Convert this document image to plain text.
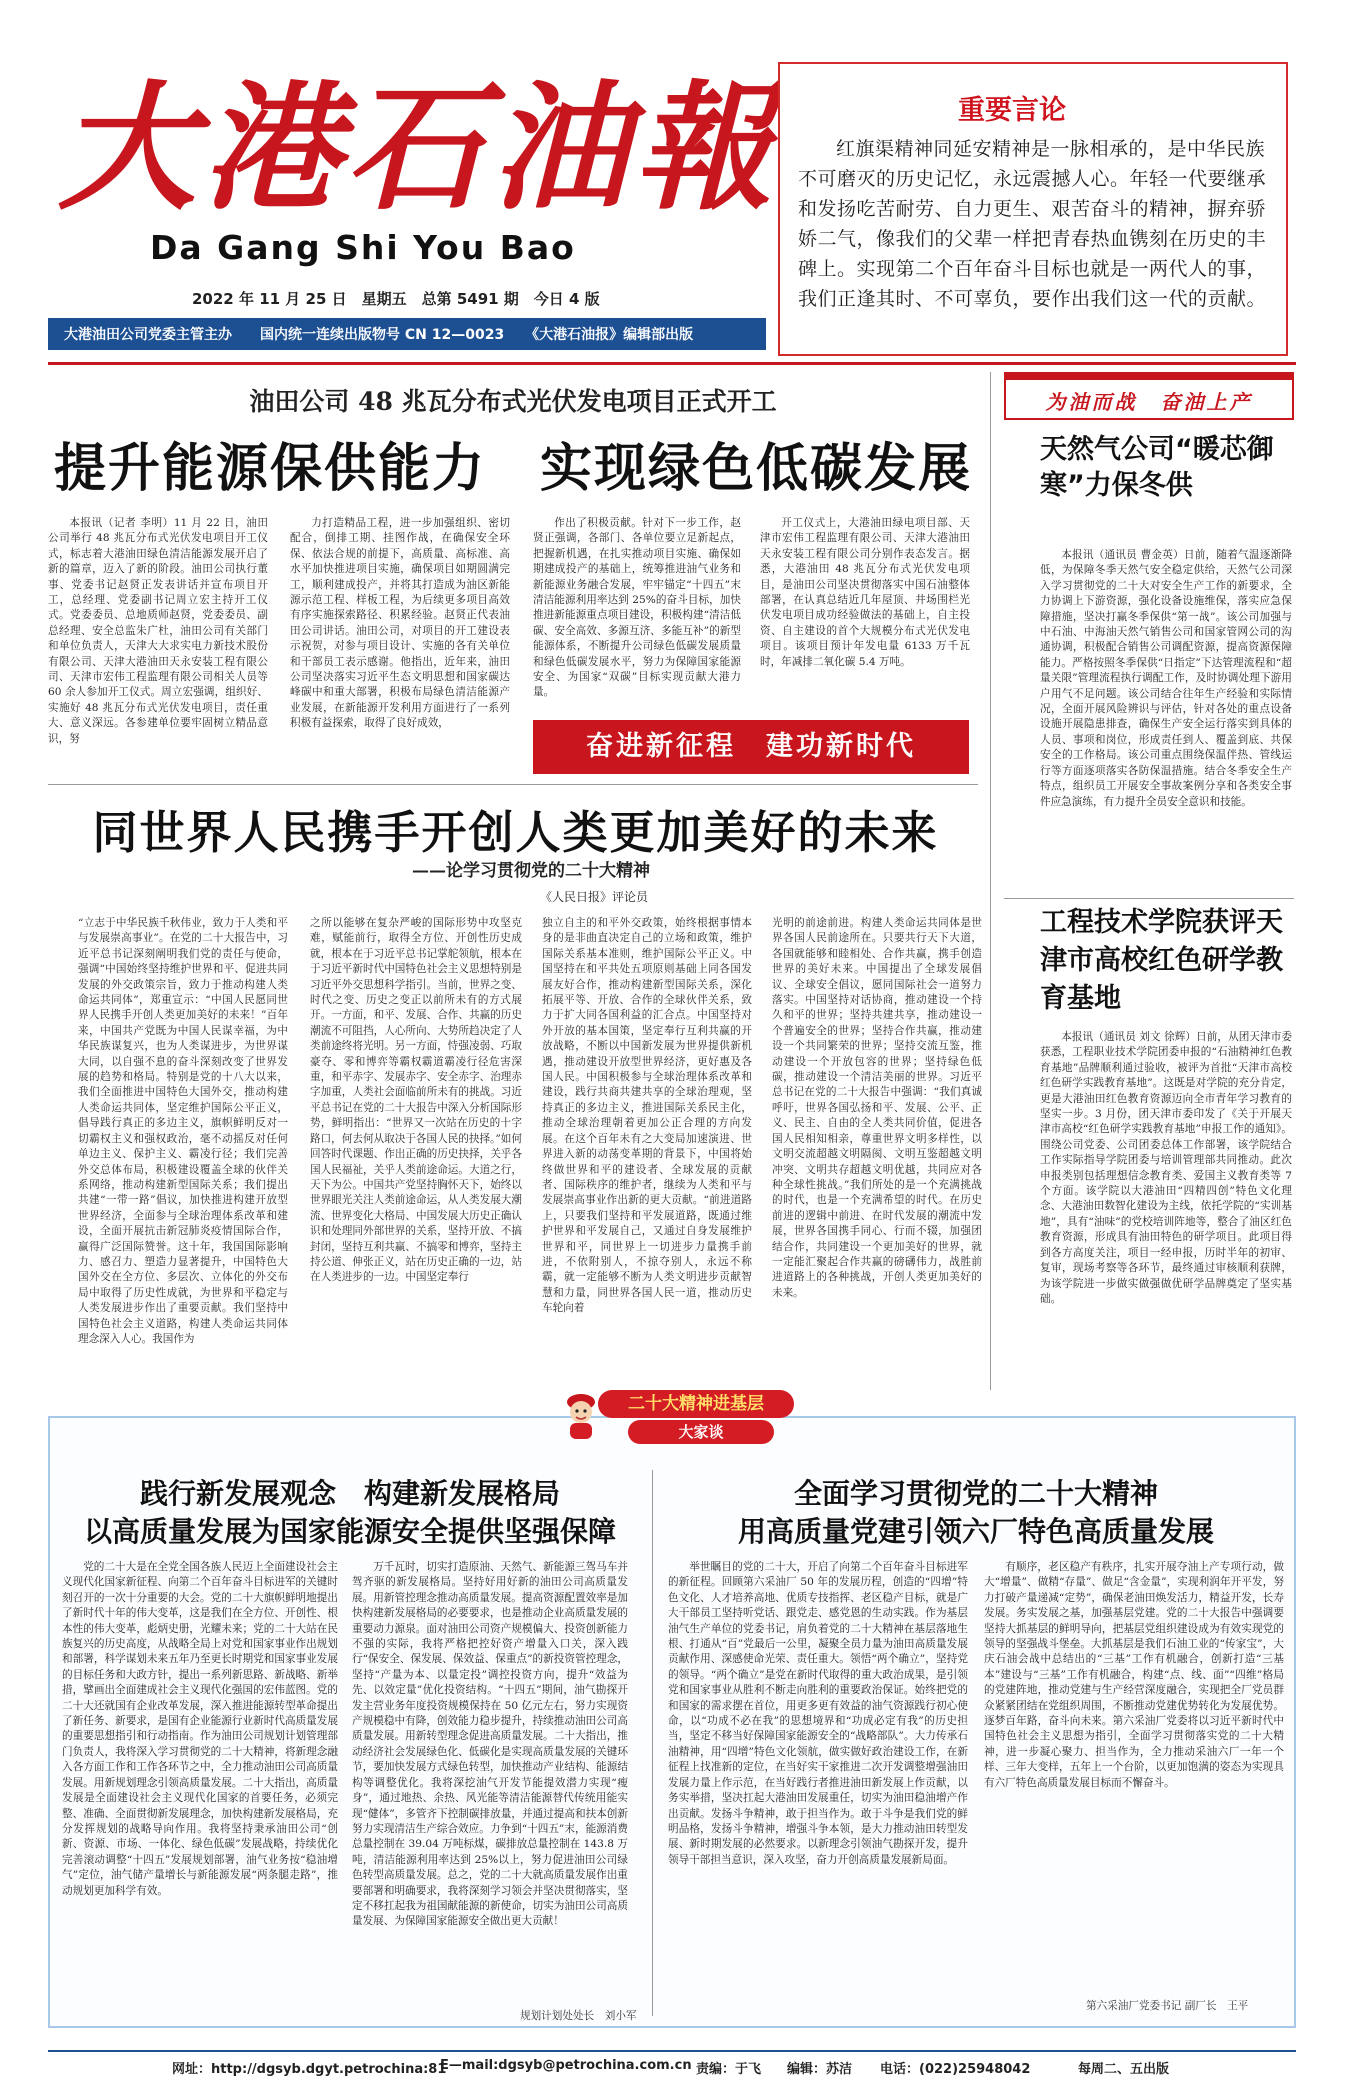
大港石油報
Da Gang Shi You Bao
2022 年 11 月 25 日　星期五　总第 5491 期　今日 4 版
大港油田公司党委主管主办　　国内统一连续出版物号 CN 12—0023　　《大港石油报》编辑部出版
重要言论
红旗渠精神同延安精神是一脉相承的，是中华民族不可磨灭的历史记忆，永远震撼人心。年轻一代要继承和发扬吃苦耐劳、自力更生、艰苦奋斗的精神，摒弃骄娇二气，像我们的父辈一样把青春热血镌刻在历史的丰碑上。实现第二个百年奋斗目标也就是一两代人的事，我们正逢其时、不可辜负，要作出我们这一代的贡献。
油田公司 48 兆瓦分布式光伏发电项目正式开工
提升能源保供能力　实现绿色低碳发展
本报讯（记者 李明）11 月 22 日，油田公司举行 48 兆瓦分布式光伏发电项目开工仪式，标志着大港油田绿色清洁能源发展开启了新的篇章，迈入了新的阶段。油田公司执行董事、党委书记赵贤正发表讲话并宣布项目开工，总经理、党委副书记周立宏主持开工仪式。党委委员、总地质师赵贤，党委委员、副总经理、安全总监朱广杜，油田公司有关部门和单位负责人，天津大大求实电力新技术股份有限公司、天津大港油田天永安装工程有限公司、天津市宏伟工程监理有限公司相关人员等 60 余人参加开工仪式。周立宏强调，组织好、实施好 48 兆瓦分布式光伏发电项目，责任重大、意义深远。各参建单位要牢固树立精品意识，努
力打造精品工程，进一步加强组织、密切配合，倒排工期、挂图作战，在确保安全环保、依法合规的前提下，高质量、高标准、高水平加快推进项目实施，确保项目如期圆满完工，顺利建成投产，并将其打造成为油区新能源示范工程、样板工程，为后续更多项目高效有序实施探索路径、积累经验。赵贤正代表油田公司讲话。油田公司，对项目的开工建设表示祝贺，对参与项目设计、实施的各有关单位和干部员工表示感谢。他指出，近年来，油田公司坚决落实习近平生态文明思想和国家碳达峰碳中和重大部署，积极布局绿色清洁能源产业发展，在新能源开发利用方面进行了一系列积极有益探索，取得了良好成效，
作出了积极贡献。针对下一步工作，赵贤正强调，各部门、各单位要立足新起点，把握新机遇，在扎实推动项目实施、确保如期建成投产的基础上，统筹推进油气业务和新能源业务融合发展，牢牢锚定“十四五”末清洁能源利用率达到 25%的奋斗目标，加快推进新能源重点项目建设，积极构建“清洁低碳、安全高效、多源互济、多能互补”的新型能源体系，不断提升公司绿色低碳发展质量和绿色低碳发展水平，努力为保障国家能源安全、为国家“双碳”目标实现贡献大港力量。
开工仪式上，大港油田绿电项目部、天津市宏伟工程监理有限公司、天津大港油田天永安装工程有限公司分别作表态发言。据悉，大港油田 48 兆瓦分布式光伏发电项目，是油田公司坚决贯彻落实中国石油整体部署，在认真总结近几年屋顶、井场围栏光伏发电项目成功经验做法的基础上，自主投资、自主建设的首个大规模分布式光伏发电项目。该项目预计年发电量 6133 万千瓦时，年减排二氧化碳 5.4 万吨。
奋进新征程　建功新时代
为油而战　奋油上产
天然气公司“暖芯御寒”力保冬供
本报讯（通讯员 曹金英）日前，随着气温逐渐降低，为保障冬季天然气安全稳定供给，天然气公司深入学习贯彻党的二十大对安全生产工作的新要求，全力协调上下游资源，强化设备设施维保，落实应急保障措施，坚决打赢冬季保供“第一战”。该公司加强与中石油、中海油天然气销售公司和国家管网公司的沟通协调，积极配合销售公司调配资源，提高资源保障能力。严格按照冬季保供“日指定”下达管理流程和“超量关限”管理流程执行调配工作，及时协调处理下游用户用气不足问题。该公司结合往年生产经验和实际情况，全面开展风险辨识与评估，针对各处的重点设备设施开展隐患排查，确保生产安全运行落实到具体的人员、事项和岗位，形成责任到人、覆盖到底、共保安全的工作格局。该公司重点围绕保温伴热、管线运行等方面逐项落实各防保温措施。结合冬季安全生产特点，组织员工开展安全事故案例分享和各类安全事件应急演练，有力提升全员安全意识和技能。
工程技术学院获评天津市高校红色研学教育基地
本报讯（通讯员 刘文 徐辉）日前，从团天津市委获悉，工程职业技术学院团委申报的“石油精神红色教育基地”品牌顺利通过验收，被评为首批“天津市高校红色研学实践教育基地”。这既是对学院的充分肯定，更是大港油田红色教育资源迈向全市青年学习教育的坚实一步。3 月份，团天津市委印发了《关于开展天津市高校“红色研学实践教育基地”申报工作的通知》。围绕公司党委、公司团委总体工作部署，该学院结合工作实际指导学院团委与培训管理部共同推动。此次申报类别包括理想信念教育类、爱国主义教育类等 7 个方面。该学院以大港油田“四精四创”特色文化理念、大港油田数智化建设为主线，依托学院的“实训基地”，具有“油味”的党校培训阵地等，整合了油区红色教育资源，形成具有油田特色的研学项目。此项目得到各方高度关注，项目一经申报，历时半年的初审、复审，现场考察等各环节，最终通过审核顺利获牌，为该学院进一步做实做强做优研学品牌奠定了坚实基础。
同世界人民携手开创人类更加美好的未来
——论学习贯彻党的二十大精神
《人民日报》评论员
“立志于中华民族千秋伟业，致力于人类和平与发展崇高事业”。在党的二十大报告中，习近平总书记深刻阐明我们党的责任与使命，强调“中国始终坚持维护世界和平、促进共同发展的外交政策宗旨，致力于推动构建人类命运共同体”，郑重宣示：“中国人民愿同世界人民携手开创人类更加美好的未来！”百年来，中国共产党既为中国人民谋幸福，为中华民族谋复兴，也为人类谋进步，为世界谋大同，以自强不息的奋斗深刻改变了世界发展的趋势和格局。特别是党的十八大以来，我们全面推进中国特色大国外交，推动构建人类命运共同体，坚定维护国际公平正义，倡导践行真正的多边主义，旗帜鲜明反对一切霸权主义和强权政治，毫不动摇反对任何单边主义、保护主义、霸凌行径；我们完善外交总体布局，积极建设覆盖全球的伙伴关系网络，推动构建新型国际关系；我们提出共建“一带一路”倡议，加快推进构建开放型世界经济，全面参与全球治理体系改革和建设，全面开展抗击新冠肺炎疫情国际合作，赢得广泛国际赞誉。这十年，我国国际影响力、感召力、塑造力显著提升，中国特色大国外交在全方位、多层次、立体化的外交布局中取得了历史性成就，为世界和平稳定与人类发展进步作出了重要贡献。我们坚持中国特色社会主义道路，构建人类命运共同体理念深入人心。我国作为
之所以能够在复杂严峻的国际形势中攻坚克难，赋能前行，取得全方位、开创性历史成就，根本在于习近平总书记掌舵领航，根本在于习近平新时代中国特色社会主义思想特别是习近平外交思想科学指引。当前，世界之变、时代之变、历史之变正以前所未有的方式展开。一方面，和平、发展、合作、共赢的历史潮流不可阻挡，人心所向、大势所趋决定了人类前途终将光明。另一方面，恃强凌弱、巧取豪夺、零和博弈等霸权霸道霸凌行径危害深重，和平赤字、发展赤字、安全赤字、治理赤字加重，人类社会面临前所未有的挑战。习近平总书记在党的二十大报告中深入分析国际形势，鲜明指出：“世界又一次站在历史的十字路口，何去何从取决于各国人民的抉择。”如何回答时代课题、作出正确的历史抉择，关乎各国人民福祉，关乎人类前途命运。大道之行，天下为公。中国共产党坚持胸怀天下，始终以世界眼光关注人类前途命运，从人类发展大潮流、世界变化大格局、中国发展大历史正确认识和处理同外部世界的关系，坚持开放、不搞封闭，坚持互利共赢、不搞零和博弈，坚持主持公道、伸张正义，站在历史正确的一边，站在人类进步的一边。中国坚定奉行
独立自主的和平外交政策，始终根据事情本身的是非曲直决定自己的立场和政策，维护国际关系基本准则，维护国际公平正义。中国坚持在和平共处五项原则基础上同各国发展友好合作，推动构建新型国际关系，深化拓展平等、开放、合作的全球伙伴关系，致力于扩大同各国利益的汇合点。中国坚持对外开放的基本国策，坚定奉行互利共赢的开放战略，不断以中国新发展为世界提供新机遇，推动建设开放型世界经济，更好惠及各国人民。中国积极参与全球治理体系改革和建设，践行共商共建共享的全球治理观，坚持真正的多边主义，推进国际关系民主化，推动全球治理朝着更加公正合理的方向发展。在这个百年未有之大变局加速演进、世界进入新的动荡变革期的背景下，中国将始终做世界和平的建设者、全球发展的贡献者、国际秩序的维护者，继续为人类和平与发展崇高事业作出新的更大贡献。“前进道路上，只要我们坚持和平发展道路，既通过维护世界和平发展自己，又通过自身发展维护世界和平，同世界上一切进步力量携手前进，不依附别人，不掠夺别人，永远不称霸，就一定能够不断为人类文明进步贡献智慧和力量，同世界各国人民一道，推动历史车轮向着
光明的前途前进。构建人类命运共同体是世界各国人民前途所在。只要共行天下大道，各国就能够和睦相处、合作共赢，携手创造世界的美好未来。中国提出了全球发展倡议、全球安全倡议，愿同国际社会一道努力落实。中国坚持对话协商，推动建设一个持久和平的世界；坚持共建共享，推动建设一个普遍安全的世界；坚持合作共赢，推动建设一个共同繁荣的世界；坚持交流互鉴，推动建设一个开放包容的世界；坚持绿色低碳，推动建设一个清洁美丽的世界。习近平总书记在党的二十大报告中强调：“我们真诚呼吁，世界各国弘扬和平、发展、公平、正义、民主、自由的全人类共同价值，促进各国人民相知相亲，尊重世界文明多样性，以文明交流超越文明隔阂、文明互鉴超越文明冲突、文明共存超越文明优越，共同应对各种全球性挑战。”我们所处的是一个充满挑战的时代，也是一个充满希望的时代。在历史前进的逻辑中前进、在时代发展的潮流中发展，世界各国携手同心、行而不辍，加强团结合作，共同建设一个更加美好的世界，就一定能汇聚起合作共赢的磅礴伟力，战胜前进道路上的各种挑战，开创人类更加美好的未来。
二十大精神进基层
大家谈
践行新发展观念　构建新发展格局
以高质量发展为国家能源安全提供坚强保障
党的二十大是在全党全国各族人民迈上全面建设社会主义现代化国家新征程、向第二个百年奋斗目标进军的关键时刻召开的一次十分重要的大会。党的二十大旗帜鲜明地提出了新时代十年的伟大变革，这是我们在全方位、开创性、根本性的伟大变革，彪炳史册，光耀未来；党的二十大站在民族复兴的历史高度，从战略全局上对党和国家事业作出规划和部署，科学谋划未来五年乃至更长时期党和国家事业发展的目标任务和大政方针，提出一系列新思路、新战略、新举措，擘画出全面建成社会主义现代化强国的宏伟蓝图。党的二十大还就国有企业改革发展，深入推进能源转型革命提出了新任务、新要求，是国有企业能源行业新时代高质量发展的重要思想指引和行动指南。作为油田公司规划计划管理部门负责人，我将深入学习贯彻党的二十大精神，将新理念融入各方面工作和工作各环节之中，全力推动油田公司高质量发展。用新规划理念引领高质量发展。二十大指出，高质量发展是全面建设社会主义现代化国家的首要任务，必须完整、准确、全面贯彻新发展理念，加快构建新发展格局，充分发挥规划的战略导向作用。我将坚持秉承油田公司“创新、资源、市场、一体化、绿色低碳”发展战略，持续优化完善滚动调整“十四五”发展规划部署，油气业务按“稳油增气”定位，油气储产量增长与新能源发展“两条腿走路”，推动规划更加科学有效。
万千瓦时，切实打造原油、天然气、新能源三驾马车并驾齐驱的新发展格局。坚持好用好新的油田公司高质量发展。用新管控理念推动高质量发展。提高资源配置效率是加快构建新发展格局的必要要求，也是推动企业高质量发展的重要动力源泉。面对油田公司资产规模偏大、投资创新能力不强的实际，我将严格把控好资产增量入口关，深入践行“保安全、保发展、保效益、保重点”的新投资管控理念，坚持“产量为本、以量定投”调控投资方向，提升“效益为先、以效定量”优化投资结构。“十四五”期间，油气勘探开发主营业务年度投资规模保持在 50 亿元左右，努力实现资产规模稳中有降，创效能力稳步提升，持续推动油田公司高质量发展。用新转型理念促进高质量发展。二十大指出，推动经济社会发展绿色化、低碳化是实现高质量发展的关键环节，要加快发展方式绿色转型，加快推动产业结构、能源结构等调整优化。我将深挖油气开发节能提效潜力实现“瘦身”，通过地热、余热、风光能等清洁能源替代传统用能实现“健体”，多管齐下控制碳排放量，并通过提高和扶本创新努力实现清洁生产综合效应。力争到“十四五”末，能源消费总量控制在 39.04 万吨标煤，碳排放总量控制在 143.8 万吨，清洁能源利用率达到 25%以上，努力促进油田公司绿色转型高质量发展。总之，党的二十大就高质量发展作出重要部署和明确要求，我将深刻学习领会并坚决贯彻落实，坚定不移扛起我为祖国献能源的新使命，切实为油田公司高质量发展、为保障国家能源安全做出更大贡献！
规划计划处处长　刘小军
全面学习贯彻党的二十大精神
用高质量党建引领六厂特色高质量发展
举世瞩目的党的二十大，开启了向第二个百年奋斗目标进军的新征程。回顾第六采油厂 50 年的发展历程，创造的“四增”特色文化、人才培养高地、优质专技指挥、老区稳产目标，就是广大干部员工坚持听党话、跟党走、感党恩的生动实践。作为基层油气生产单位的党委书记，肩负着党的二十大精神在基层落地生根、打通从“百”党最后一公里，凝聚全员力量为油田高质量发展贡献作用、深感使命光荣、责任重大。领悟“两个确立”，坚持党的领导。“两个确立”是党在新时代取得的重大政治成果，是引领党和国家事业从胜利不断走向胜利的重要政治保证。始终把党的和国家的需求摆在首位，用更多更有效益的油气资源践行初心使命，以“功成不必在我”的思想境界和“功成必定有我”的历史担当，坚定不移当好保障国家能源安全的“战略部队”。大力传承石油精神，用“四增”特色文化领航，做实做好政治建设工作，在新征程上找准新的定位，在当好实干家推进二次开发调整增强油田发展力量上作示范，在当好践行者推进油田新发展上作贡献，以务实举措，坚决扛起大港油田发展重任，切实为油田稳油增产作出贡献。发扬斗争精神，敢于担当作为。敢于斗争是我们党的鲜明品格，发扬斗争精神，增强斗争本领，是大力推动油田转型发展、新时期发展的必然要求。以新理念引领油气勘探开发，提升领导干部担当意识，深入攻坚，奋力开创高质量发展新局面。
有顺序，老区稳产有秩序，扎实开展夺油上产专项行动，做大“增量”、做精“存量”、做足“含金量”，实现利润年开平发，努力打破产量递减“定势”，确保老油田焕发活力，精益开发，长寿发展。务实发展之基，加强基层党建。党的二十大报告中强调要坚持大抓基层的鲜明导向，把基层党组织建设成为有效实现党的领导的坚强战斗堡垒。大抓基层是我们石油工业的“传家宝”，大庆石油会战中总结出的“三基”工作有机融合，创新打造“三基本”建设与“三基”工作有机融合，构建“点、线、面”“四维”格局的党建阵地，推动党建与生产经营深度融合，实现把全厂党员群众紧紧团结在党组织周围，不断推动党建优势转化为发展优势。逐梦百年路，奋斗向未来。第六采油厂党委将以习近平新时代中国特色社会主义思想为指引，全面学习贯彻落实党的二十大精神，进一步凝心聚力、担当作为，全力推动采油六厂一年一个样、三年大变样，五年上一个台阶，以更加饱满的姿态为实现具有六厂特色高质量发展目标而不懈奋斗。
第六采油厂党委书记 副厂长　王平
网址：http://dgsyb.dgyt.petrochina:81
E—mail:dgsyb@petrochina.com.cn 责编：于飞　　编辑：苏洁 电话：(022)25948042	每周二、五出版
